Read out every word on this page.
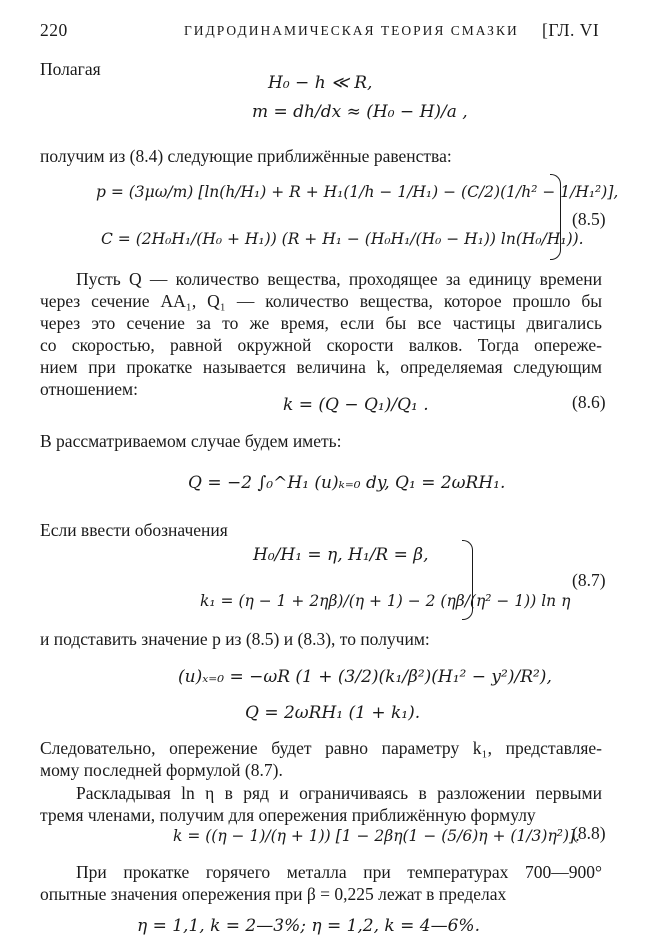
220	ГИДРОДИНАМИЧЕСКАЯ ТЕОРИЯ СМАЗКИ [ГЛ. VI
Полагая
H₀ − h ≪ R,
m = dh/dx ≈ (H₀ − H)/a ,
получим из (8.4) следующие приближённые равенства:
p = (3μω/m) [ln(h/H₁) + R + H₁(1/h − 1/H₁) − (C/2)(1/h² − 1/H₁²)],
C = (2H₀H₁/(H₀ + H₁)) (R + H₁ − (H₀H₁/(H₀ − H₁)) ln(H₀/H₁)).
(8.5)
Пусть Q — количество вещества, проходящее за единицу времени
через сечение AA₁, Q₁ — количество вещества, которое прошло бы
через это сечение за то же время, если бы все частицы двигались
со скоростью, равной окружной скорости валков. Тогда опереже-
нием при прокатке называется величина k, определяемая следующим
отношением:
k = (Q − Q₁)/Q₁ .	(8.6)
В рассматриваемом случае будем иметь:
Q = −2 ∫₀^H₁ (u)ₖ₌₀ dy, Q₁ = 2ωRH₁.
Если ввести обозначения
H₀/H₁ = η, H₁/R = β,
k₁ = (η − 1 + 2ηβ)/(η + 1) − 2 (ηβ/(η² − 1)) ln η
(8.7)
и подставить значение p из (8.5) и (8.3), то получим:
(u)ₓ₌₀ = −ωR (1 + (3/2)(k₁/β²)(H₁² − y²)/R²),
Q = 2ωRH₁ (1 + k₁).
Следовательно, опережение будет равно параметру k₁, представляе-
мому последней формулой (8.7).
Раскладывая ln η в ряд и ограничиваясь в разложении первыми
тремя членами, получим для опережения приближённую формулу
k = ((η − 1)/(η + 1)) [1 − 2βη(1 − (5/6)η + (1/3)η²)].
(8.8)
При прокатке горячего металла при температурах 700—900°
опытные значения опережения при β = 0,225 лежат в пределах
η = 1,1, k = 2—3%; η = 1,2, k = 4—6%.
